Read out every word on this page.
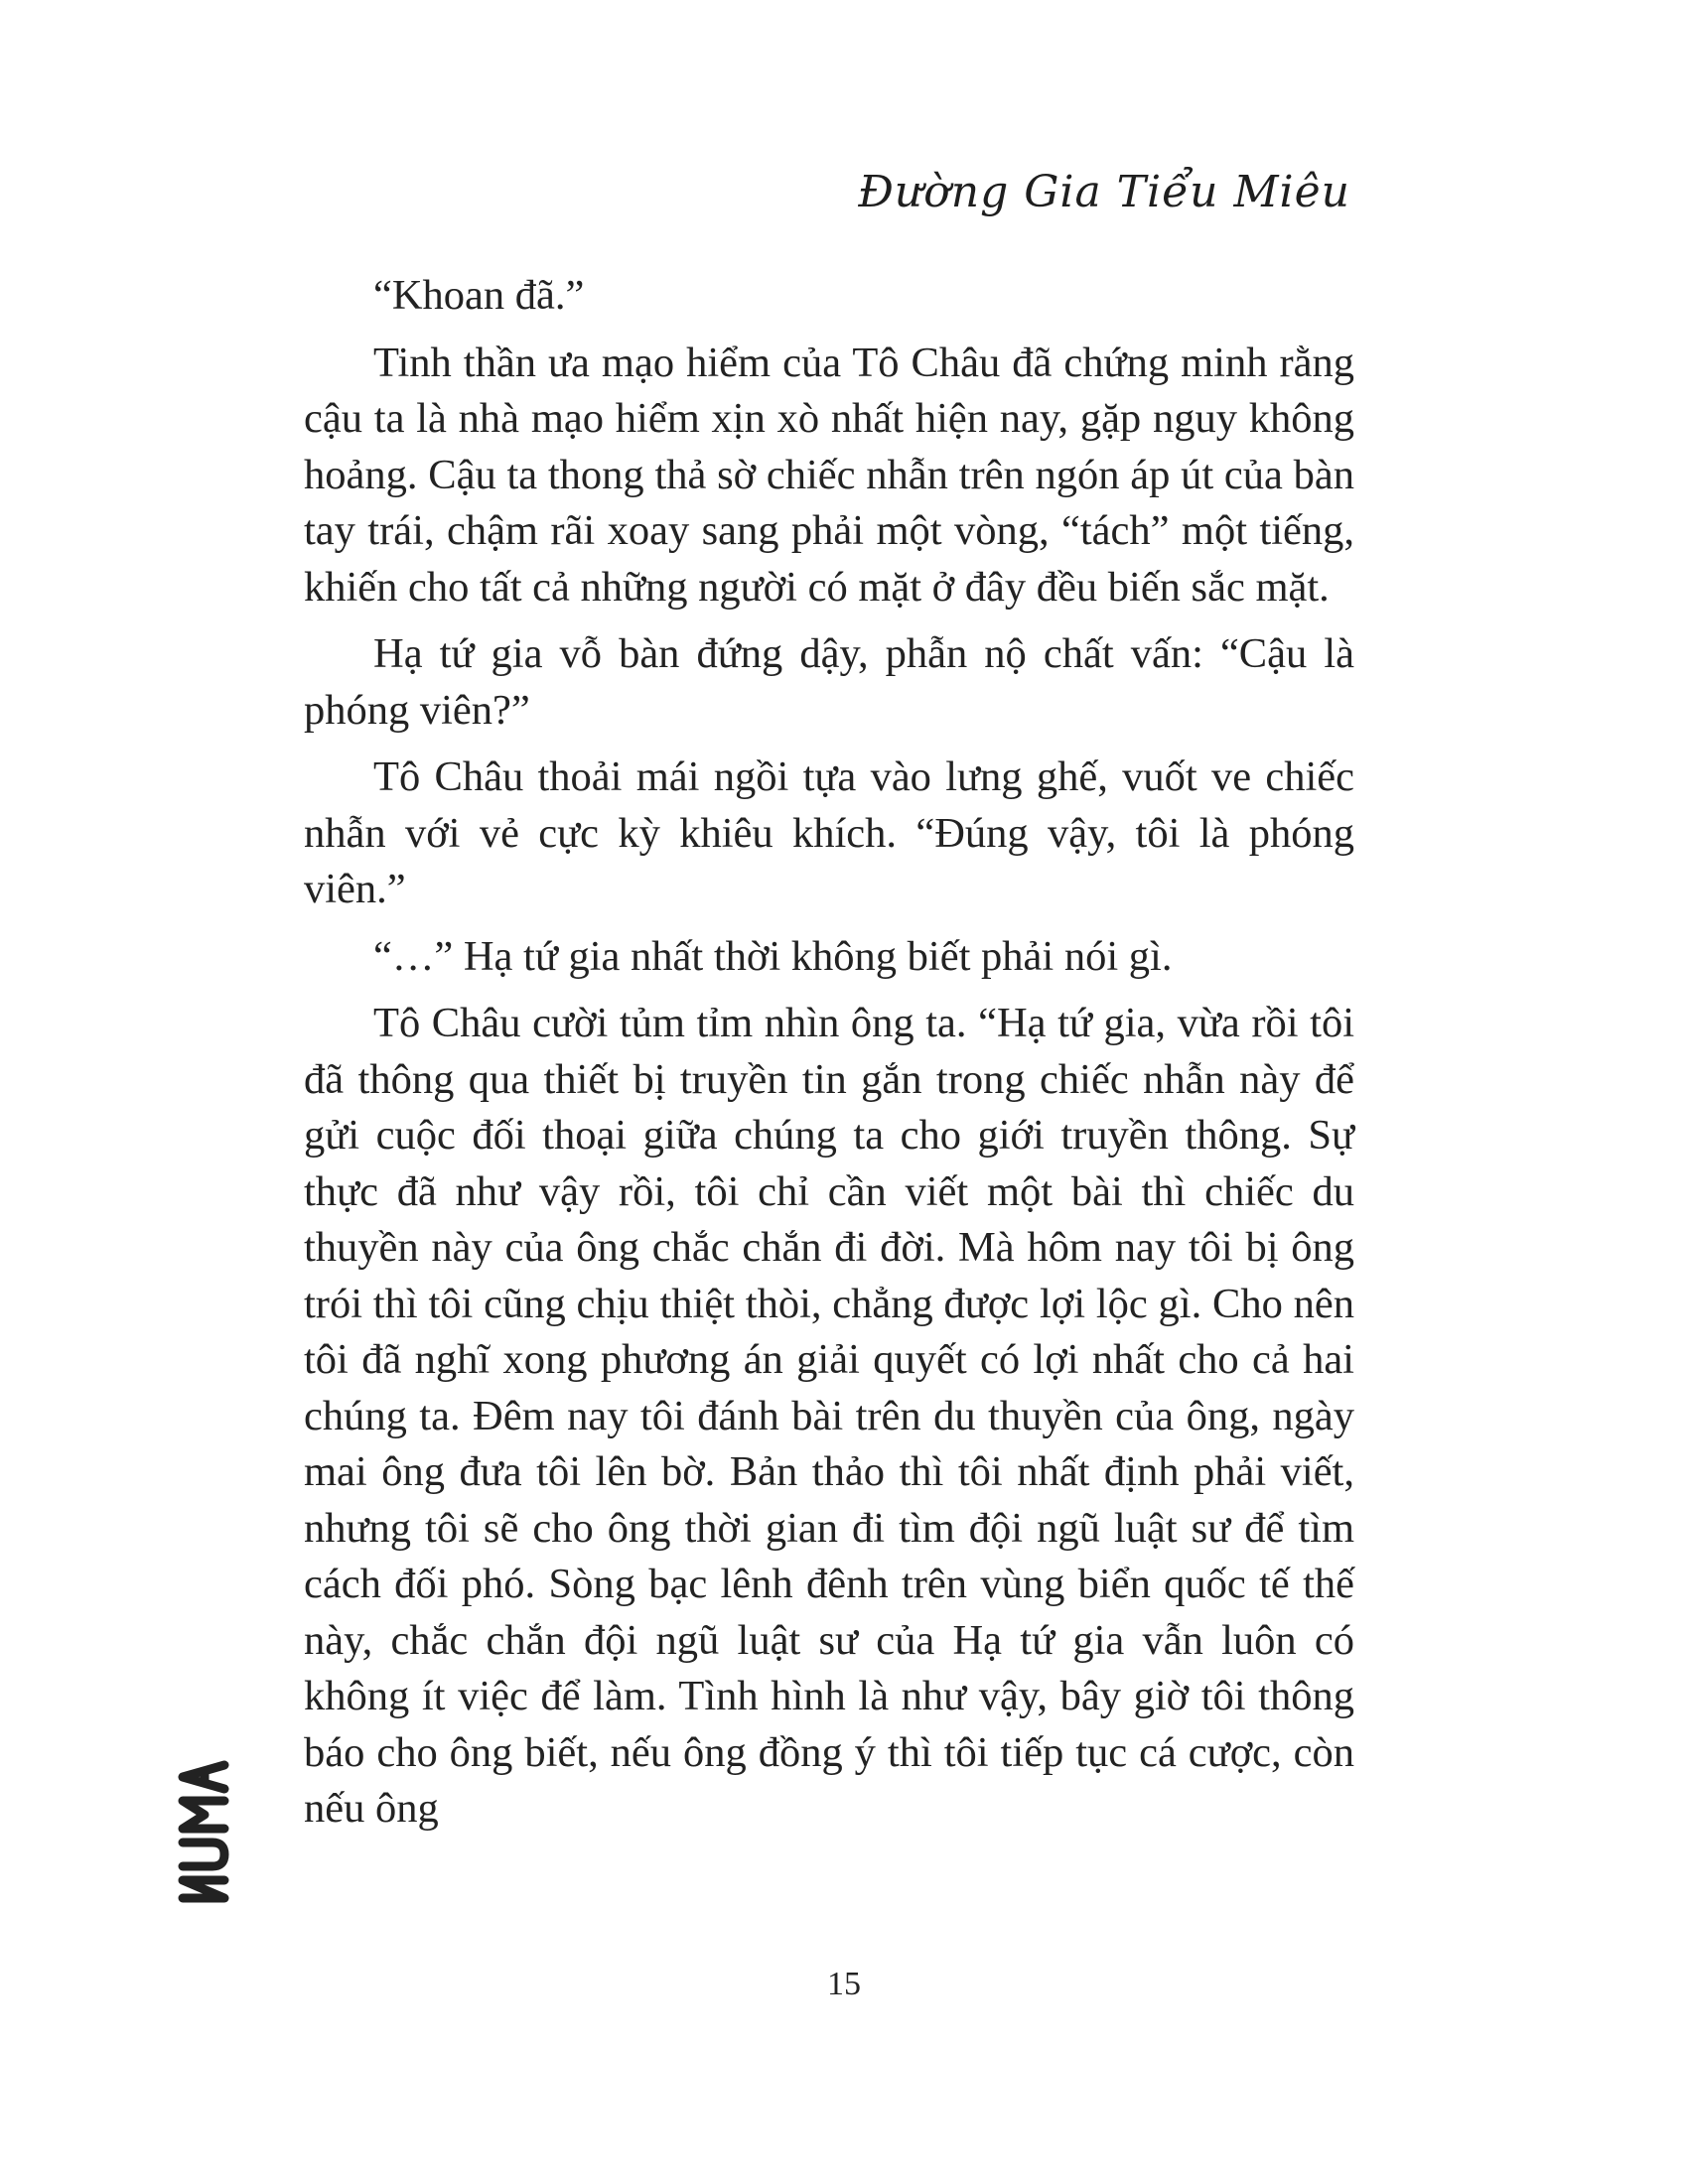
Đường Gia Tiểu Miêu

“Khoan đã.”

Tinh thần ưa mạo hiểm của Tô Châu đã chứng minh rằng cậu ta là nhà mạo hiểm xịn xò nhất hiện nay, gặp nguy không hoảng. Cậu ta thong thả sờ chiếc nhẫn trên ngón áp út của bàn tay trái, chậm rãi xoay sang phải một vòng, “tách” một tiếng, khiến cho tất cả những người có mặt ở đây đều biến sắc mặt.

Hạ tứ gia vỗ bàn đứng dậy, phẫn nộ chất vấn: “Cậu là phóng viên?”

Tô Châu thoải mái ngồi tựa vào lưng ghế, vuốt ve chiếc nhẫn với vẻ cực kỳ khiêu khích. “Đúng vậy, tôi là phóng viên.”

“…” Hạ tứ gia nhất thời không biết phải nói gì.

Tô Châu cười tủm tỉm nhìn ông ta. “Hạ tứ gia, vừa rồi tôi đã thông qua thiết bị truyền tin gắn trong chiếc nhẫn này để gửi cuộc đối thoại giữa chúng ta cho giới truyền thông. Sự thực đã như vậy rồi, tôi chỉ cần viết một bài thì chiếc du thuyền này của ông chắc chắn đi đời. Mà hôm nay tôi bị ông trói thì tôi cũng chịu thiệt thòi, chẳng được lợi lộc gì. Cho nên tôi đã nghĩ xong phương án giải quyết có lợi nhất cho cả hai chúng ta. Đêm nay tôi đánh bài trên du thuyền của ông, ngày mai ông đưa tôi lên bờ. Bản thảo thì tôi nhất định phải viết, nhưng tôi sẽ cho ông thời gian đi tìm đội ngũ luật sư để tìm cách đối phó. Sòng bạc lênh đênh trên vùng biển quốc tế thế này, chắc chắn đội ngũ luật sư của Hạ tứ gia vẫn luôn có không ít việc để làm. Tình hình là như vậy, bây giờ tôi thông báo cho ông biết, nếu ông đồng ý thì tôi tiếp tục cá cược, còn nếu ông

15
